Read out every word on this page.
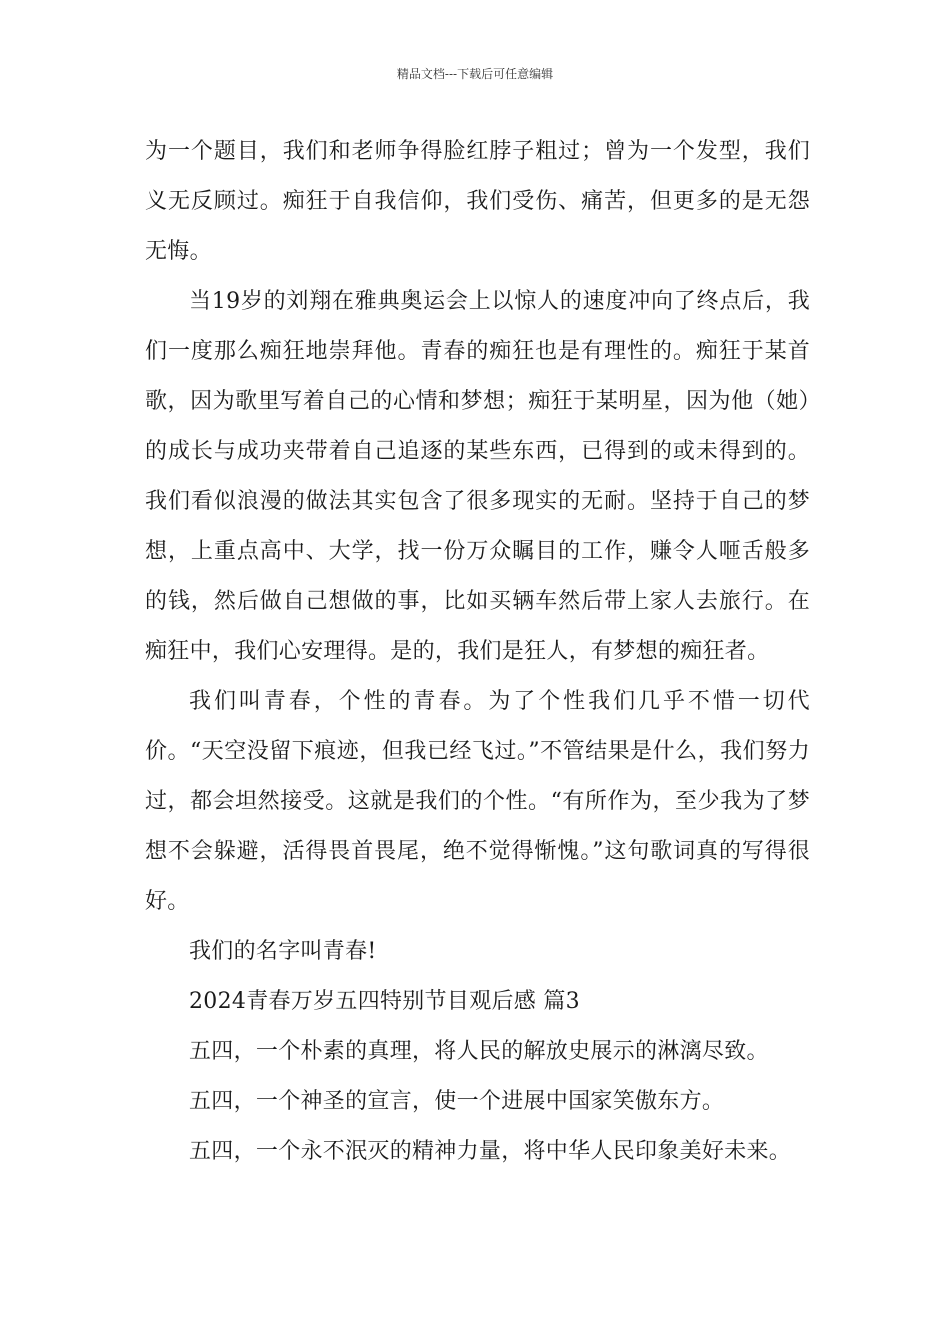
精品文档---下载后可任意编辑

为一个题目，我们和老师争得脸红脖子粗过；曾为一个发型，我们义无反顾过。痴狂于自我信仰，我们受伤、痛苦，但更多的是无怨无悔。

当19岁的刘翔在雅典奥运会上以惊人的速度冲向了终点后，我们一度那么痴狂地崇拜他。青春的痴狂也是有理性的。痴狂于某首歌，因为歌里写着自己的心情和梦想；痴狂于某明星，因为他（她）的成长与成功夹带着自己追逐的某些东西，已得到的或未得到的。我们看似浪漫的做法其实包含了很多现实的无耐。坚持于自己的梦想，上重点高中、大学，找一份万众瞩目的工作，赚令人咂舌般多的钱，然后做自己想做的事，比如买辆车然后带上家人去旅行。在痴狂中，我们心安理得。是的，我们是狂人，有梦想的痴狂者。

我们叫青春，个性的青春。为了个性我们几乎不惜一切代价。“天空没留下痕迹，但我已经飞过。”不管结果是什么，我们努力过，都会坦然接受。这就是我们的个性。“有所作为，至少我为了梦想不会躲避，活得畏首畏尾，绝不觉得惭愧。”这句歌词真的写得很好。

我们的名字叫青春!

2024青春万岁五四特别节目观后感 篇3

五四，一个朴素的真理，将人民的解放史展示的淋漓尽致。

五四，一个神圣的宣言，使一个进展中国家笑傲东方。

五四，一个永不泯灭的精神力量，将中华人民印象美好未来。
